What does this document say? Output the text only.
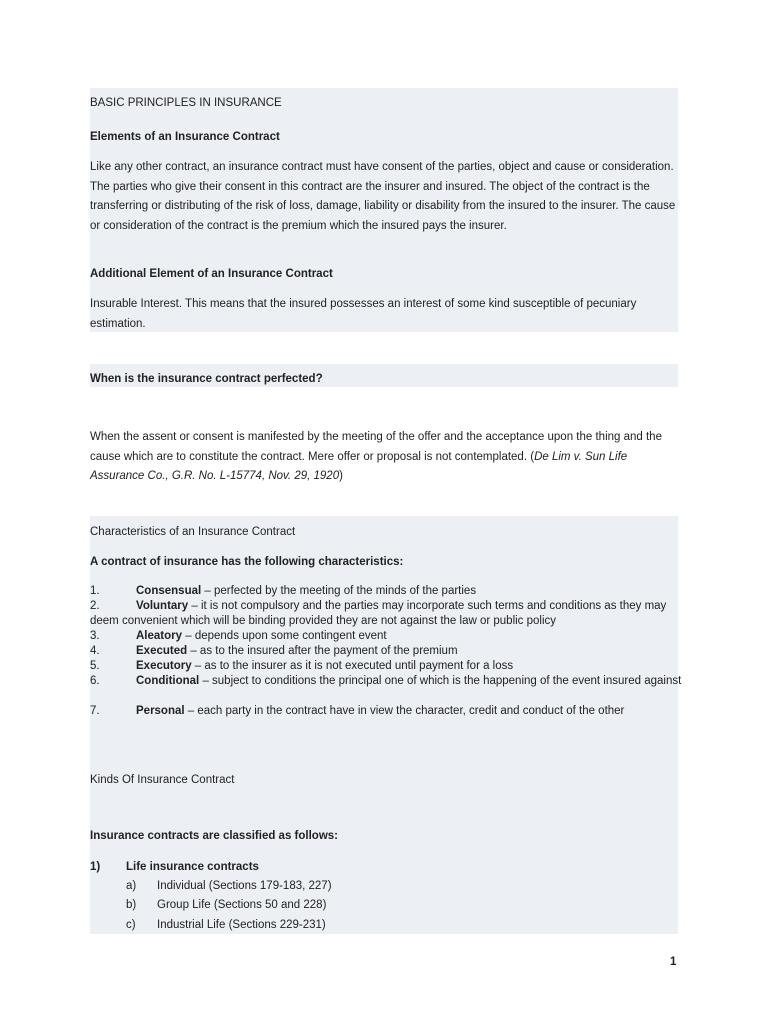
BASIC PRINCIPLES IN INSURANCE
Elements of an Insurance Contract

Like any other contract, an insurance contract must have consent of the parties, object and cause or consideration. The parties who give their consent in this contract are the insurer and insured. The object of the contract is the transferring or distributing of the risk of loss, damage, liability or disability from the insured to the insurer. The cause or consideration of the contract is the premium which the insured pays the insurer.

Additional Element of an Insurance Contract

Insurable Interest. This means that the insured possesses an interest of some kind susceptible of pecuniary estimation.

When is the insurance contract perfected?

When the assent or consent is manifested by the meeting of the offer and the acceptance upon the thing and the cause which are to constitute the contract. Mere offer or proposal is not contemplated. (De Lim v. Sun Life Assurance Co., G.R. No. L-15774, Nov. 29, 1920)

Characteristics of an Insurance Contract
A contract of insurance has the following characteristics:
1.	Consensual – perfected by the meeting of the minds of the parties
2.	Voluntary – it is not compulsory and the parties may incorporate such terms and conditions as they may deem convenient which will be binding provided they are not against the law or public policy
3.	Aleatory – depends upon some contingent event
4.	Executed – as to the insured after the payment of the premium
5.	Executory – as to the insurer as it is not executed until payment for a loss
6.	Conditional – subject to conditions the principal one of which is the happening of the event insured against
7.	Personal – each party in the contract have in view the character, credit and conduct of the other
Kinds Of Insurance Contract
Insurance contracts are classified as follows:
1) Life insurance contracts
a) Individual (Sections 179-183, 227)
b) Group Life (Sections 50 and 228)
c) Industrial Life (Sections 229-231)
1
